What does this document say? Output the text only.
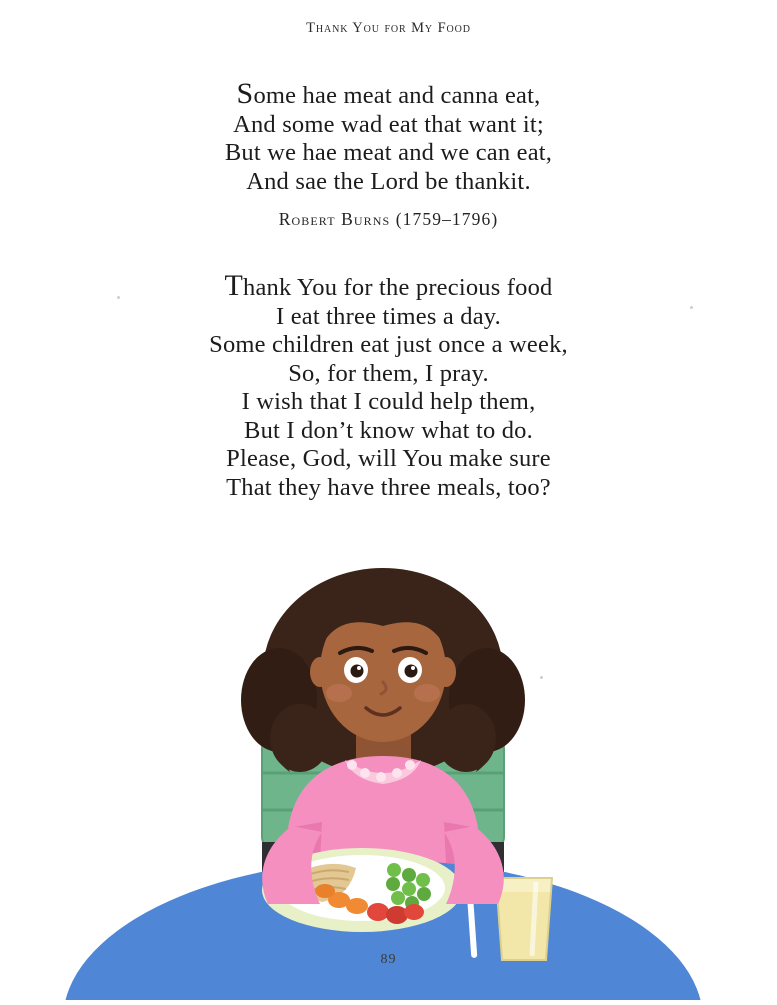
Thank You for My Food
Some hae meat and canna eat,
And some wad eat that want it;
But we hae meat and we can eat,
And sae the Lord be thankit.
Robert Burns (1759–1796)
Thank You for the precious food
I eat three times a day.
Some children eat just once a week,
So, for them, I pray.
I wish that I could help them,
But I don’t know what to do.
Please, God, will You make sure
That they have three meals, too?
89
